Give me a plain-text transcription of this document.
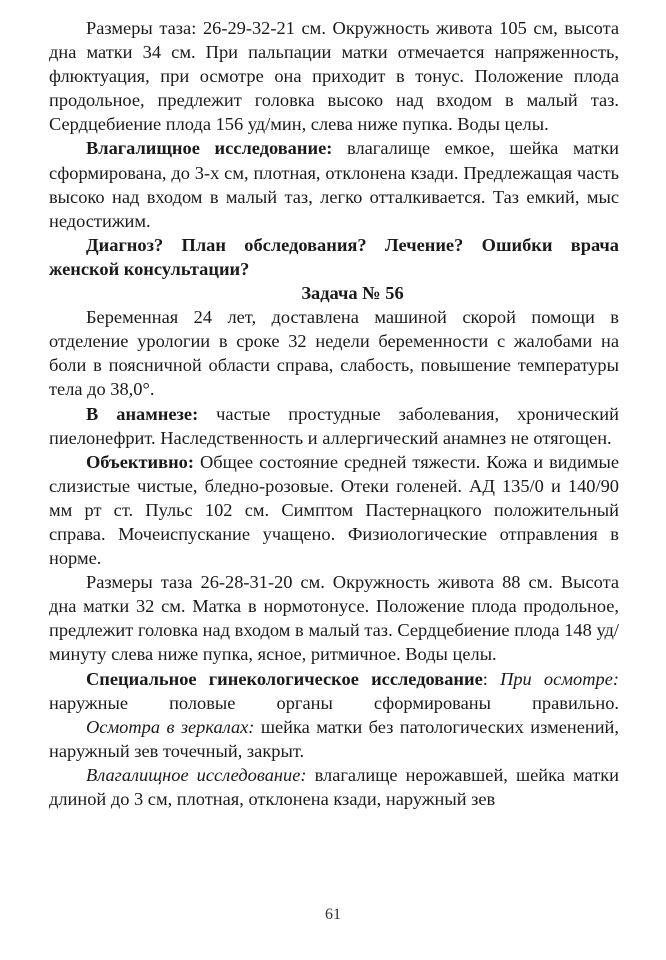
Размеры таза: 26-29-32-21 см. Окружность живота 105 см, высота дна матки 34 см. При пальпации матки отмечается напряженность, флюктуация, при осмотре она приходит в тонус. Положение плода продольное, предлежит головка высоко над входом в малый таз. Сердцебиение плода 156 уд/мин, слева ниже пупка. Воды целы.

Влагалищное исследование: влагалище емкое, шейка матки сформирована, до 3-х см, плотная, отклонена кзади. Предлежащая часть высоко над входом в малый таз, легко отталкивается. Таз емкий, мыс недостижим.

Диагноз? План обследования? Лечение? Ошибки врача женской консультации?

Задача № 56

Беременная 24 лет, доставлена машиной скорой помощи в отделение урологии в сроке 32 недели беременности с жалобами на боли в поясничной области справа, слабость, повышение температуры тела до 38,0°.

В анамнезе: частые простудные заболевания, хронический пиелонефрит. Наследственность и аллергический анамнез не отягощен.

Объективно: Общее состояние средней тяжести. Кожа и видимые слизистые чистые, бледно-розовые. Отеки голеней. АД 135/0 и 140/90 мм рт ст. Пульс 102 см. Симптом Пастернацкого положительный справа. Мочеиспускание учащено. Физиологические отправления в норме.

Размеры таза 26-28-31-20 см. Окружность живота 88 см. Высота дна матки 32 см. Матка в нормотонусе. Положение плода продольное, предлежит головка над входом в малый таз. Сердцебиение плода 148 уд/минуту слева ниже пупка, ясное, ритмичное. Воды целы.

Специальное гинекологическое исследование: При осмотре: наружные половые органы сформированы правильно.

Осмотра в зеркалах: шейка матки без патологических изменений, наружный зев точечный, закрыт.

Влагалищное исследование: влагалище нерожавшей, шейка матки длиной до 3 см, плотная, отклонена кзади, наружный зев

61
